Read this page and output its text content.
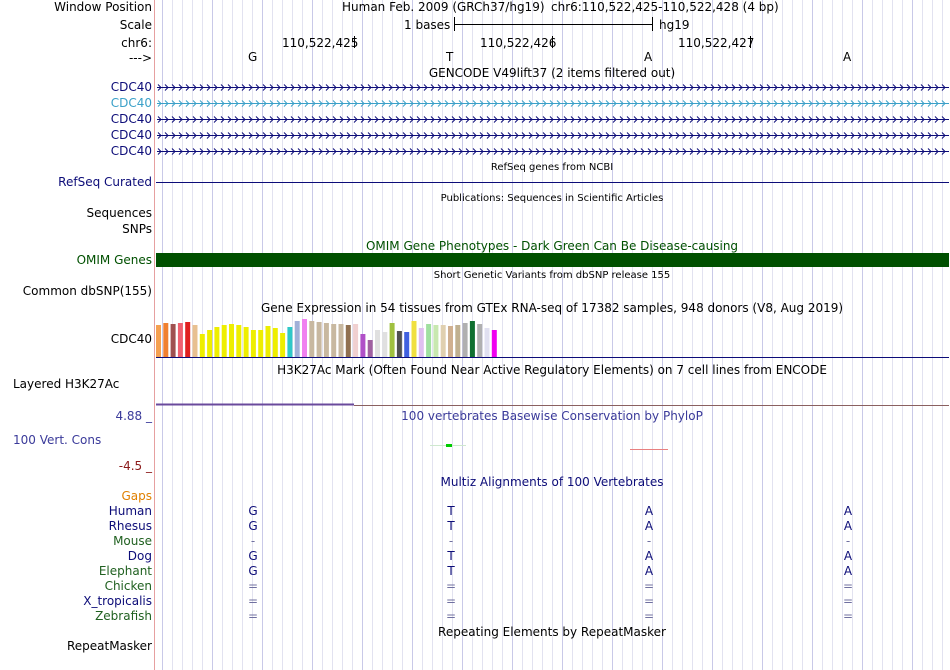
Window Position
Scale
chr6:
--->
Human Feb. 2009 (GRCh37/hg19) chr6:110,522,425-110,522,428 (4 bp)
1 bases	hg19
110,522,425	110,522,426	110,522,427
G	T	A	A
GENCODE V49lift37 (2 items filtered out)
CDC40
CDC40
CDC40
CDC40
CDC40
RefSeq genes from NCBI
RefSeq Curated
Publications: Sequences in Scientific Articles
Sequences
SNPs
OMIM Gene Phenotypes - Dark Green Can Be Disease-causing
OMIM Genes
Short Genetic Variants from dbSNP release 155
Common dbSNP(155)
Gene Expression in 54 tissues from GTEx RNA-seq of 17382 samples, 948 donors (V8, Aug 2019)
CDC40
H3K27Ac Mark (Often Found Near Active Regulatory Elements) on 7 cell lines from ENCODE
Layered H3K27Ac
100 vertebrates Basewise Conservation by PhyloP
4.88 _
100 Vert. Cons
-4.5 _
Multiz Alignments of 100 Vertebrates
Gaps
Human	G	T	A	A
Rhesus	G	T	A	A
Mouse	-	-	-	-
Dog	G	T	A	A
Elephant	G	T	A	A
Chicken	=	=	=	=
X_tropicalis	=	=	=	=
Zebrafish	=	=	=	=
Repeating Elements by RepeatMasker
RepeatMasker
